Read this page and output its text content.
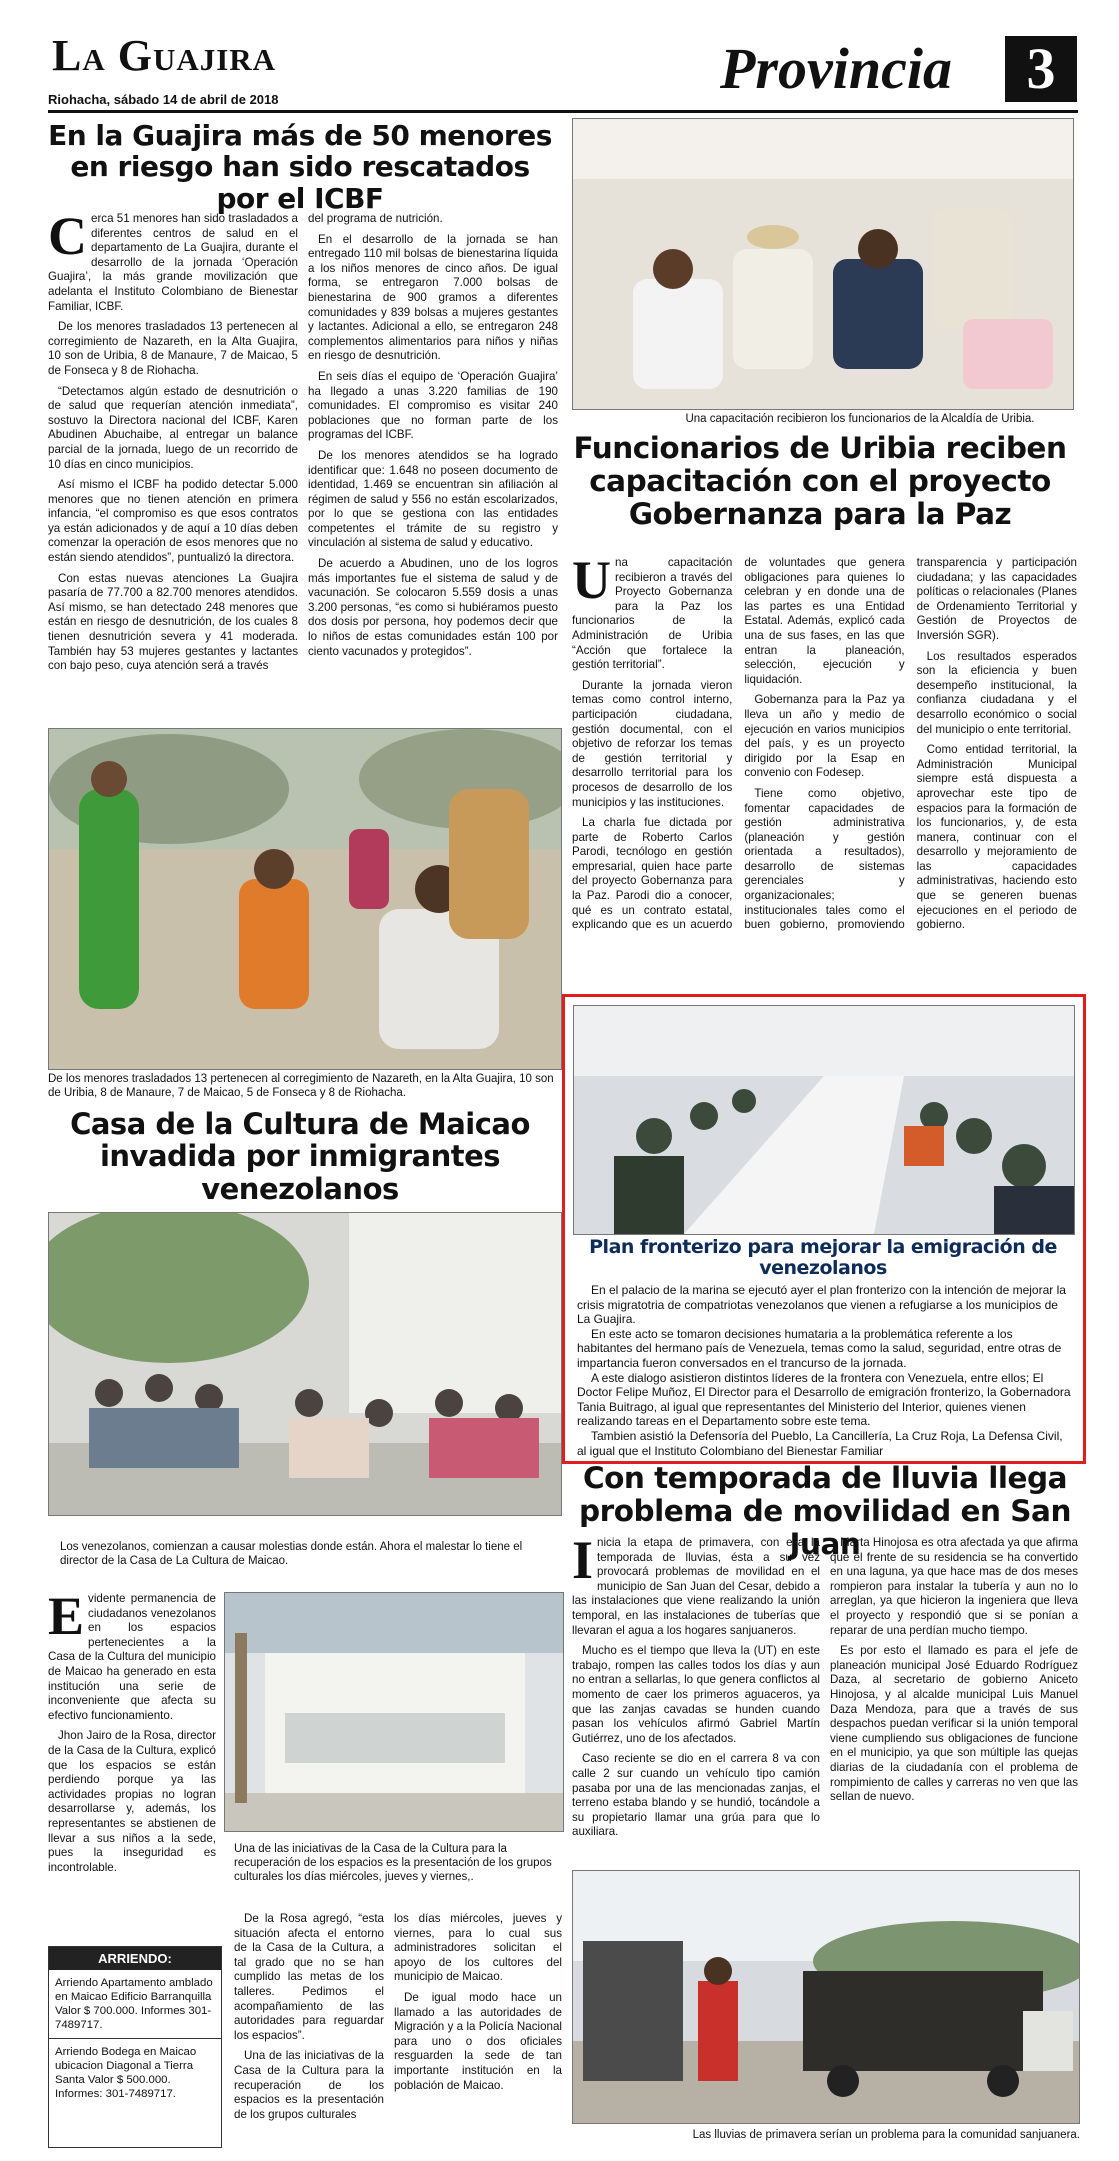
La Guajira
Riohacha, sábado 14 de abril de 2018	Provincia	3
En la Guajira más de 50 menores en riesgo han sido rescatados por el ICBF
C erca 51 menores han sido trasladados a diferentes centros de salud en el departamento de La Guajira, durante el desarrollo de la jornada ‘Operación Guajira’, la más grande movilización que adelanta el Instituto Colombiano de Bienestar Familiar, ICBF.

De los menores trasladados 13 pertenecen al corregimiento de Nazareth, en la Alta Guajira, 10 son de Uribia, 8 de Manaure, 7 de Maicao, 5 de Fonseca y 8 de Riohacha.

“Detectamos algún estado de desnutrición o de salud que requerían atención inmediata”, sostuvo la Directora nacional del ICBF, Karen Abudinen Abuchaibe, al entregar un balance parcial de la jornada, luego de un recorrido de 10 días en cinco municipios.

Así mismo el ICBF ha podido detectar 5.000 menores que no tienen atención en primera infancia, “el compromiso es que esos contratos ya están adicionados y de aquí a 10 días deben comenzar la operación de esos menores que no están siendo atendidos”, puntualizó la directora.

Con estas nuevas atenciones La Guajira pasaría de 77.700 a 82.700 menores atendidos. Así mismo, se han detectado 248 menores que están en riesgo de desnutrición, de los cuales 8 tienen desnutrición severa y 41 moderada. También hay 53 mujeres gestantes y lactantes con bajo peso, cuya atención será a través

del programa de nutrición.

En el desarrollo de la jornada se han entregado 110 mil bolsas de bienestarina líquida a los niños menores de cinco años. De igual forma, se entregaron 7.000 bolsas de bienestarina de 900 gramos a diferentes comunidades y 839 bolsas a mujeres gestantes y lactantes. Adicional a ello, se entregaron 248 complementos alimentarios para niños y niñas en riesgo de desnutrición.

En seis días el equipo de ‘Operación Guajira’ ha llegado a unas 3.220 familias de 190 comunidades. El compromiso es visitar 240 poblaciones que no forman parte de los programas del ICBF.

De los menores atendidos se ha logrado identificar que: 1.648 no poseen documento de identidad, 1.469 se encuentran sin afiliación al régimen de salud y 556 no están escolarizados, por lo que se gestiona con las entidades competentes el trámite de su registro y vinculación al sistema de salud y educativo.

De acuerdo a Abudinen, uno de los logros más importantes fue el sistema de salud y de vacunación. Se colocaron 5.559 dosis a unas 3.200 personas, “es como si hubiéramos puesto dos dosis por persona, hoy podemos decir que lo niños de estas comunidades están 100 por ciento vacunados y protegidos”.

De los menores trasladados 13 pertenecen al corregimiento de Nazareth, en la Alta Guajira, 10 son de Uribia, 8 de Manaure, 7 de Maicao, 5 de Fonseca y 8 de Riohacha.
Una capacitación recibieron los funcionarios de la Alcaldía de Uribia.
Funcionarios de Uribia reciben capacitación con el proyecto Gobernanza para la Paz
U na capacitación recibieron a través del Proyecto Gobernanza para la Paz los funcionarios de la Administración de Uribia “Acción que fortalece la gestión territorial”.

Durante la jornada vieron temas como control interno, participación ciudadana, gestión documental, con el objetivo de reforzar los temas de gestión territorial y desarrollo territorial para los procesos de desarrollo de los municipios y las instituciones.

La charla fue dictada por parte de Roberto Carlos Parodi, tecnólogo en gestión empresarial, quien hace parte del proyecto Gobernanza para la Paz. Parodi dio a conocer, qué es un contrato estatal, explicando que es un acuerdo de voluntades que genera obligaciones para quienes lo celebran y en donde una de las partes es una Entidad Estatal. Además, explicó cada una de sus fases, en las que entran la planeación, selección, ejecución y liquidación.

Gobernanza para la Paz ya lleva un año y medio de ejecución en varios municipios del país, y es un proyecto dirigido por la Esap en convenio con Fodesep.

Tiene como objetivo, fomentar capacidades de gestión administrativa (planeación y gestión orientada a resultados), desarrollo de sistemas gerenciales y organizacionales; institucionales tales como el buen gobierno, promoviendo transparencia y participación ciudadana; y las capacidades políticas o relacionales (Planes de Ordenamiento Territorial y Gestión de Proyectos de Inversión SGR).

Los resultados esperados son la eficiencia y buen desempeño institucional, la confianza ciudadana y el desarrollo económico o social del municipio o ente territorial.

Como entidad territorial, la Administración Municipal siempre está dispuesta a aprovechar este tipo de espacios para la formación de los funcionarios, y, de esta manera, continuar con el desarrollo y mejoramiento de las capacidades administrativas, haciendo esto que se generen buenas ejecuciones en el periodo de gobierno.

Plan fronterizo para mejorar la emigración de venezolanos

En el palacio de la marina se ejecutó ayer el plan fronterizo con la intención de mejorar la crisis migratotria de compatriotas venezolanos que vienen a refugiarse a los municipios de La Guajira.

En este acto se tomaron decisiones humataria a la problemática referente a los habitantes del hermano país de Venezuela, temas como la salud, seguridad, entre otras de impartancia fueron conversados en el trancurso de la jornada.

A este dialogo asistieron distintos líderes de la frontera con Venezuela, entre ellos; El Doctor Felipe Muñoz, El Director para el Desarrollo de emigración fronterizo, la Gobernadora Tania Buitrago, al igual que representantes del Ministerio del Interior, quienes vienen realizando tareas en el Departamento sobre este tema.

Tambien asistió la Defensoría del Pueblo, La Cancillería, La Cruz Roja, La Defensa Civil, al igual que el Instituto Colombiano del Bienestar Familiar

Casa de la Cultura de Maicao invadida por inmigrantes venezolanos
Los venezolanos, comienzan a causar molestias donde están. Ahora el malestar lo tiene el director de la Casa de La Cultura de Maicao.
E vidente permanencia de ciudadanos venezolanos en los espacios pertenecientes a la Casa de la Cultura del municipio de Maicao ha generado en esta institución una serie de inconveniente que afecta su efectivo funcionamiento.

Jhon Jairo de la Rosa, director de la Casa de la Cultura, explicó que los espacios se están perdiendo porque ya las actividades propias no logran desarrollarse y, además, los representantes se abstienen de llevar a sus niños a la sede, pues la inseguridad es incontrolable.

Una de las iniciativas de la Casa de la Cultura para la recuperación de los espacios es la presentación de los grupos culturales los días miércoles, jueves y viernes,.

De la Rosa agregó, “esta situación afecta el entorno de la Casa de la Cultura, a tal grado que no se han cumplido las metas de los talleres. Pedimos el acompañamiento de las autoridades para reguardar los espacios”.

Una de las iniciativas de la Casa de la Cultura para la recuperación de los espacios es la presentación de los grupos culturales

los días miércoles, jueves y viernes, para lo cual sus administradores solicitan el apoyo de los cultores del municipio de Maicao.

De igual modo hace un llamado a las autoridades de Migración y a la Policía Nacional para uno o dos oficiales resguarden la sede de tan importante institución en la población de Maicao.

ARRIENDO:
Arriendo Apartamento amblado en Maicao Edificio Barranquilla Valor $ 700.000. Informes 301-7489717.
Arriendo Bodega en Maicao ubicacion Diagonal a Tierra Santa Valor $ 500.000. Informes: 301-7489717.
Con temporada de lluvia llega problema de movilidad en San Juan
I nicia la etapa de primavera, con ella la temporada de lluvias, ésta a su vez provocará problemas de movilidad en el municipio de San Juan del Cesar, debido a las instalaciones que viene realizando la unión temporal, en las instalaciones de tuberías que llevaran el agua a los hogares sanjuaneros.

Mucho es el tiempo que lleva la (UT) en este trabajo, rompen las calles todos los días y aun no entran a sellarlas, lo que genera conflictos al momento de caer los primeros aguaceros, ya que las zanjas cavadas se hunden cuando pasan los vehículos afirmó Gabriel Martín Gutiérrez, uno de los afectados.

Caso reciente se dio en el carrera 8 va con calle 2 sur cuando un vehículo tipo camión pasaba por una de las mencionadas zanjas, el terreno estaba blando y se hundió, tocándole a su propietario llamar una grúa para que lo auxiliara.

Marta Hinojosa es otra afectada ya que afirma que el frente de su residencia se ha convertido en una laguna, ya que hace mas de dos meses rompieron para instalar la tubería y aun no lo arreglan, ya que hicieron la ingeniera que lleva el proyecto y respondió que si se ponían a reparar de una perdían mucho tiempo.

Es por esto el llamado es para el jefe de planeación municipal José Eduardo Rodríguez Daza, al secretario de gobierno Aniceto Hinojosa, y al alcalde municipal Luis Manuel Daza Mendoza, para que a través de sus despachos puedan verificar si la unión temporal viene cumpliendo sus obligaciones de funcione en el municipio, ya que son múltiple las quejas diarias de la ciudadanía con el problema de rompimiento de calles y carreras no ven que las sellan de nuevo.

Las lluvias de primavera serían un problema para la comunidad sanjuanera.
